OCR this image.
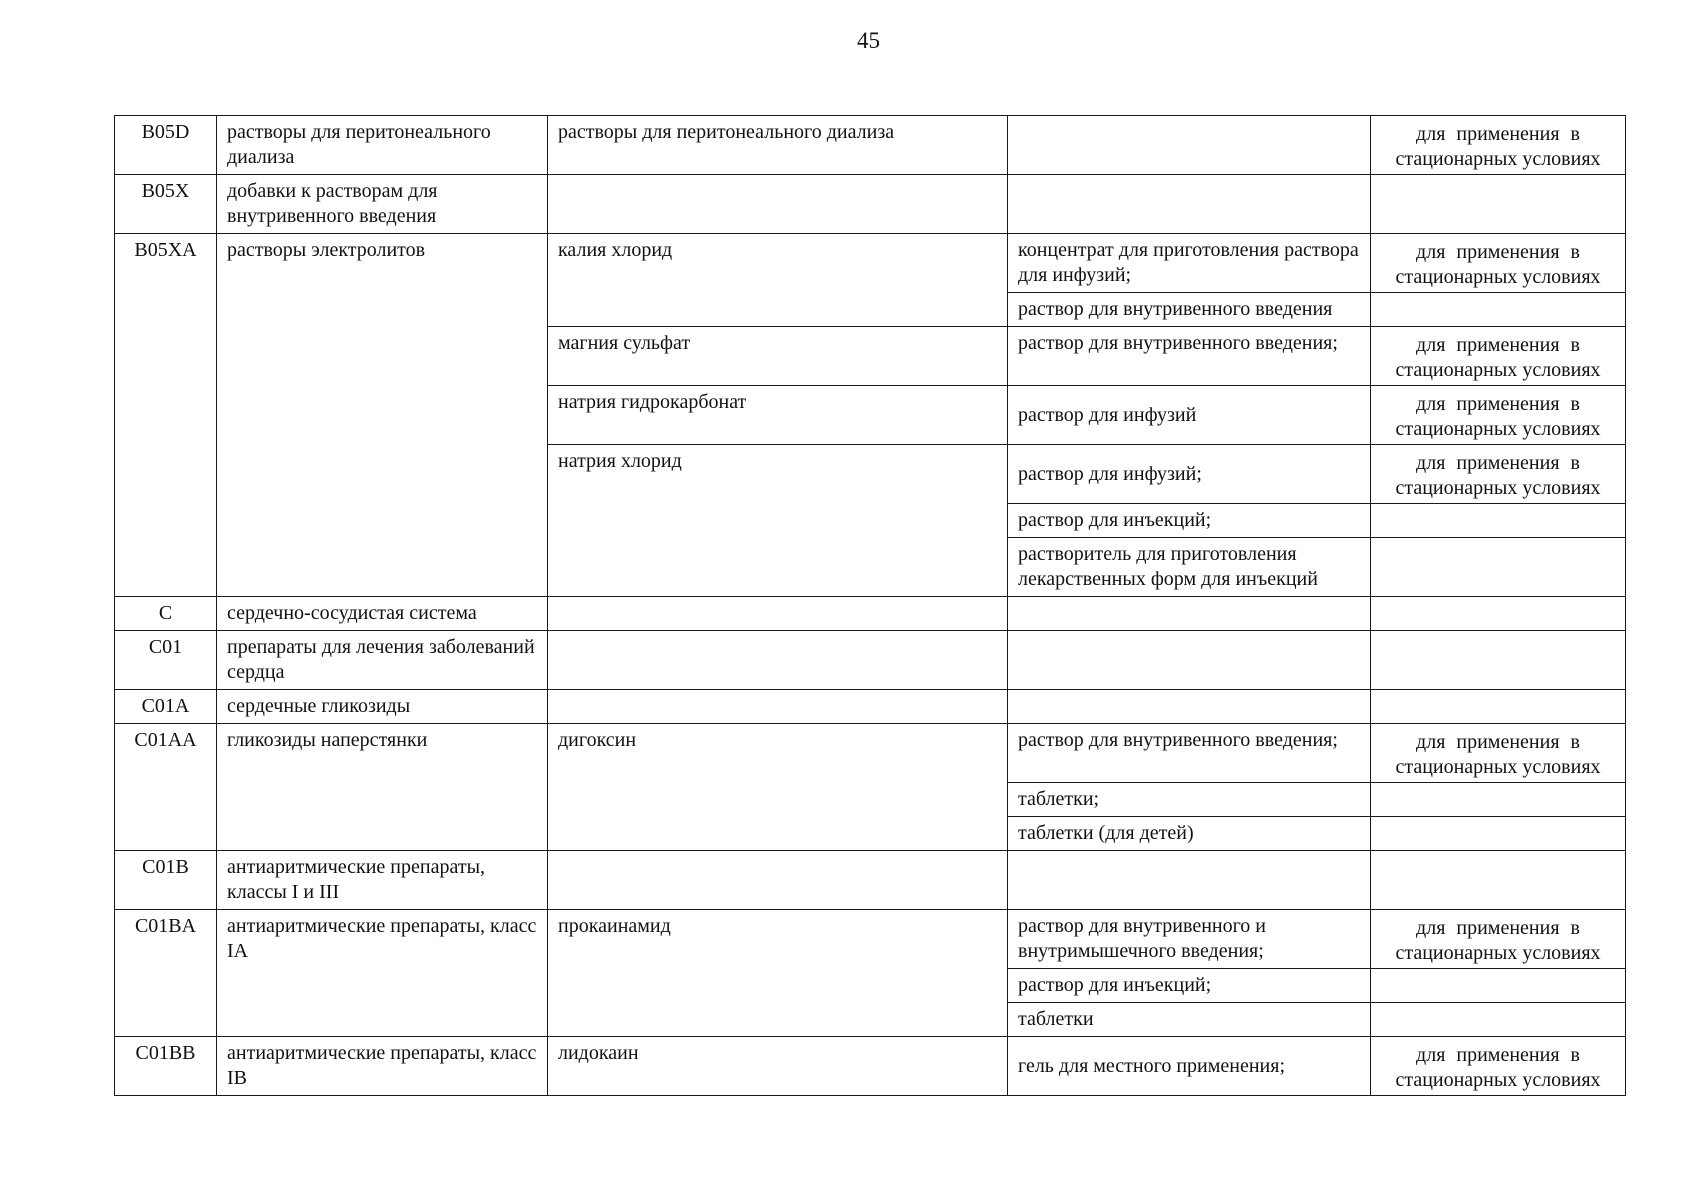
45
B05D	растворы для перитонеального диализа	растворы для перитонеального диализа		для применения в
стационарных условиях

B05X	добавки к растворам для внутривенного введения			
B05XA	растворы электролитов	калия хлорид	концентрат для приготовления раствора для инфузий;	для применения в
стационарных условиях

			раствор для внутривенного введения	
		магния сульфат	раствор для внутривенного введения;	для применения в
стационарных условиях

		натрия гидрокарбонат	раствор для инфузий	для применения в
стационарных условиях

		натрия хлорид	раствор для инфузий;	для применения в
стационарных условиях

			раствор для инъекций;	
			растворитель для приготовления лекарственных форм для инъекций	
C	сердечно-сосудистая система			
C01	препараты для лечения заболеваний сердца			
C01A	сердечные гликозиды			
C01AA	гликозиды наперстянки	дигоксин	раствор для внутривенного введения;	для применения в
стационарных условиях

			таблетки;	
			таблетки (для детей)	
C01B	антиаритмические препараты, классы I и III			
C01BA	антиаритмические препараты, класс IA	прокаинамид	раствор для внутривенного и внутримышечного введения;	для применения в
стационарных условиях

			раствор для инъекций;	
			таблетки	
C01BB	антиаритмические препараты, класс IB	лидокаин	гель для местного применения;	для применения в
стационарных условиях
